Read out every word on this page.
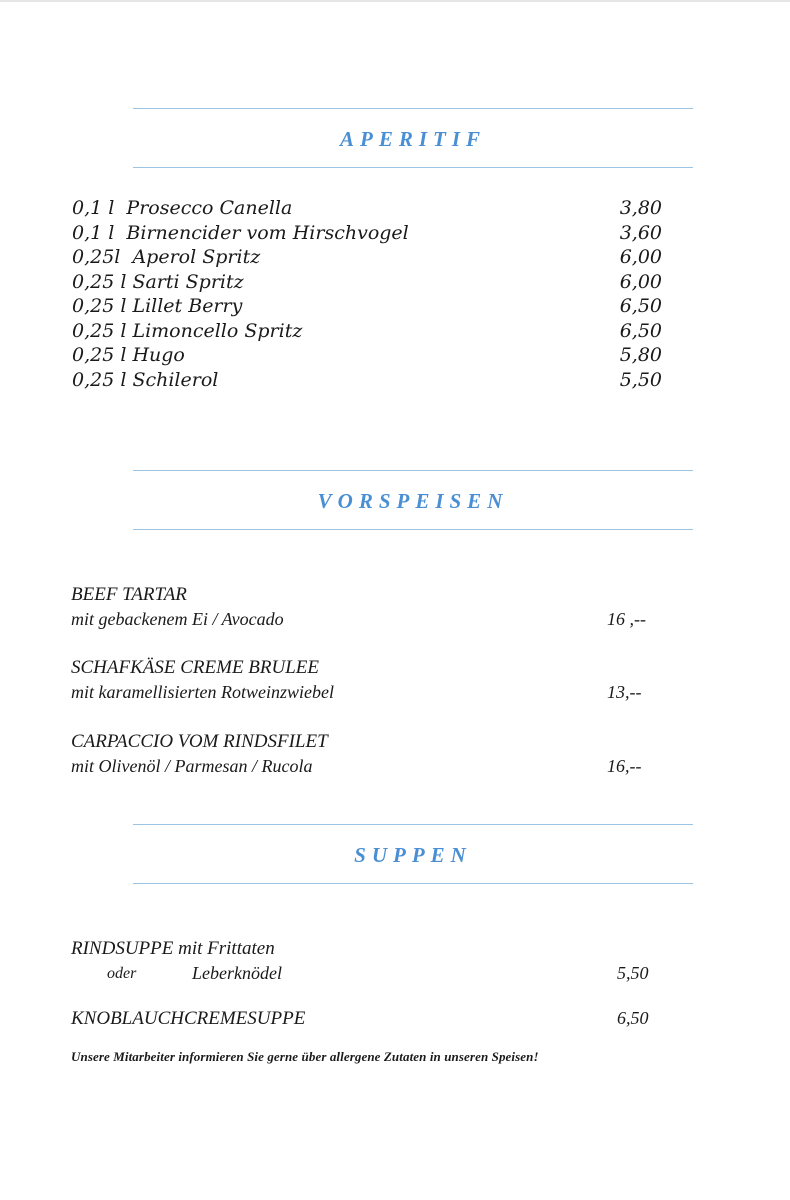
APERITIF
0,1 l  Prosecco Canella	3,80
0,1 l  Birnencider vom Hirschvogel	3,60
0,25l  Aperol Spritz	6,00
0,25 l Sarti Spritz	6,00
0,25 l Lillet Berry	6,50
0,25 l Limoncello Spritz	6,50
0,25 l Hugo	5,80
0,25 l Schilerol	5,50
VORSPEISEN
BEEF TARTAR
mit gebackenem Ei / Avocado	16 ,--
SCHAFKÄSE CREME BRULEE
mit karamellisierten Rotweinzwiebel	13,--
CARPACCIO VOM RINDSFILET
mit Olivenöl / Parmesan / Rucola	16,--
SUPPEN
RINDSUPPE mit Frittaten
oder	Leberknödel	5,50
KNOBLAUCHCREMESUPPE	6,50
Unsere Mitarbeiter informieren Sie gerne über allergene Zutaten in unseren Speisen!
